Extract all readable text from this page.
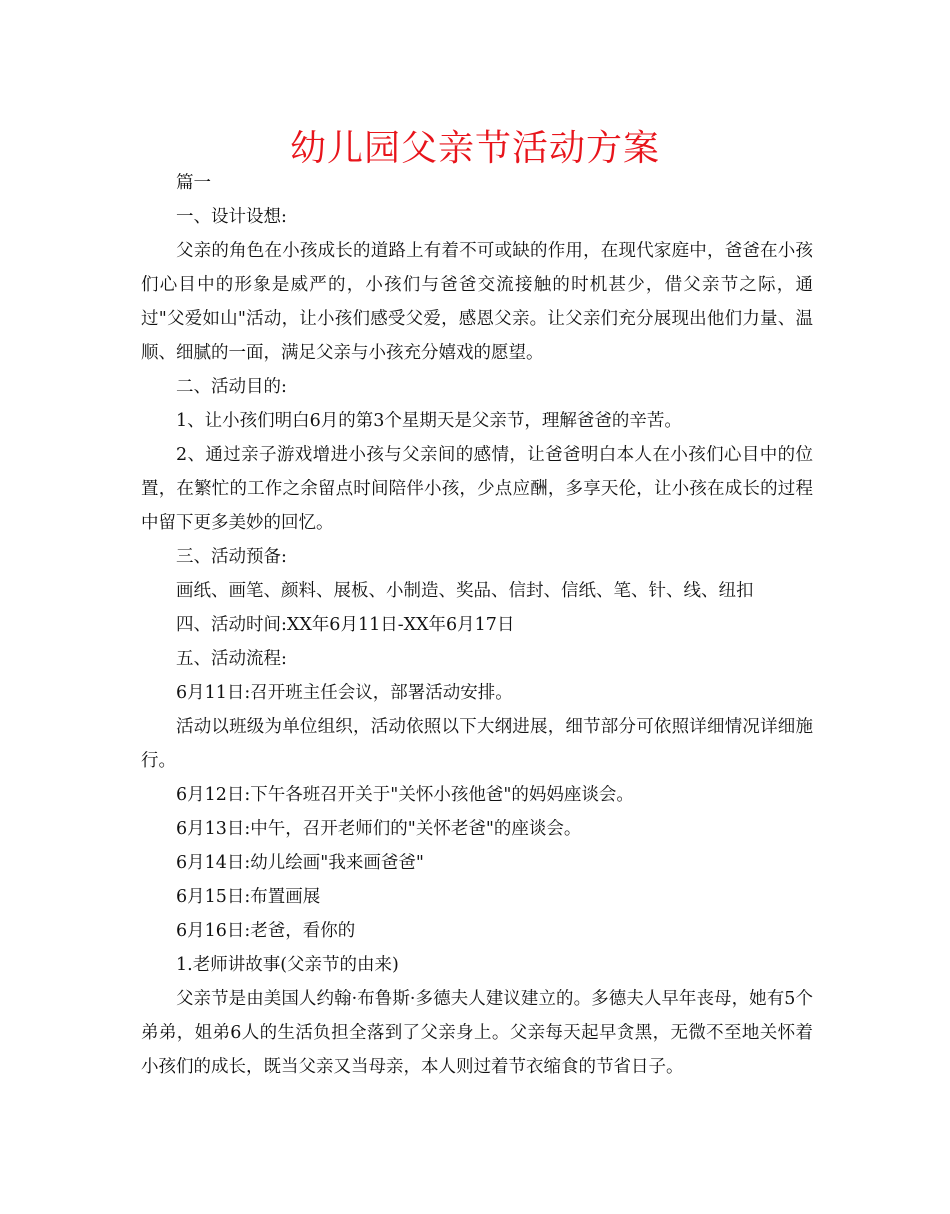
幼儿园父亲节活动方案

篇一

一、设计设想:

父亲的角色在小孩成长的道路上有着不可或缺的作用，在现代家庭中，爸爸在小孩们心目中的形象是威严的，小孩们与爸爸交流接触的时机甚少，借父亲节之际，通过"父爱如山"活动，让小孩们感受父爱，感恩父亲。让父亲们充分展现出他们力量、温顺、细腻的一面，满足父亲与小孩充分嬉戏的愿望。

二、活动目的:

1、让小孩们明白6月的第3个星期天是父亲节，理解爸爸的辛苦。

2、通过亲子游戏增进小孩与父亲间的感情，让爸爸明白本人在小孩们心目中的位置，在繁忙的工作之余留点时间陪伴小孩，少点应酬，多享天伦，让小孩在成长的过程中留下更多美妙的回忆。

三、活动预备:

画纸、画笔、颜料、展板、小制造、奖品、信封、信纸、笔、针、线、纽扣

四、活动时间:XX年6月11日-XX年6月17日

五、活动流程:

6月11日:召开班主任会议，部署活动安排。

活动以班级为单位组织，活动依照以下大纲进展，细节部分可依照详细情况详细施行。

6月12日:下午各班召开关于"关怀小孩他爸"的妈妈座谈会。

6月13日:中午，召开老师们的"关怀老爸"的座谈会。

6月14日:幼儿绘画"我来画爸爸"

6月15日:布置画展

6月16日:老爸，看你的

1.老师讲故事(父亲节的由来)

父亲节是由美国人约翰·布鲁斯·多德夫人建议建立的。多德夫人早年丧母，她有5个弟弟，姐弟6人的生活负担全落到了父亲身上。父亲每天起早贪黑，无微不至地关怀着小孩们的成长，既当父亲又当母亲，本人则过着节衣缩食的节省日子。
